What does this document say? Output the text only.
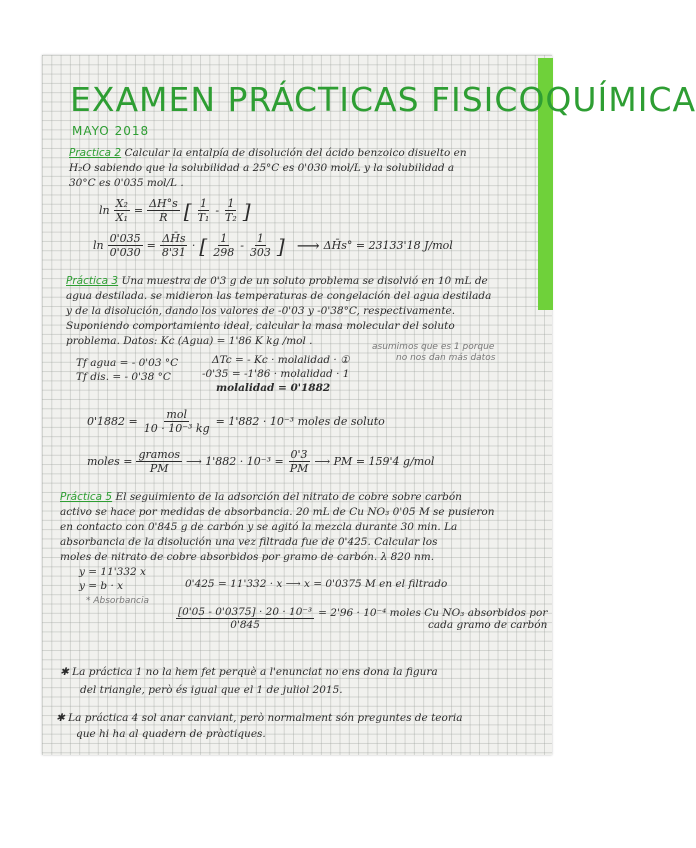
EXAMEN PRÁCTICAS FISICOQUÍMICA
MAYO 2018
Practica 2 Calcular la entalpía de disolución del ácido benzoico disuelto en
H₂O sabiendo que la solubilidad a 25°C es 0'030 mol/L y la solubilidad a
30°C es 0'035 mol/L .
$\ln \frac{\text{X₂}}{\text{X₁}} = \frac{\Delta H^\circ s}{R}$ [ $\frac{1}{\text{T₁}} - \frac{1}{\text{T₂}}$ ]
$\ln \frac{0'035}{0'030} = \frac{\Delta H̄s}{8'31}$ · [ $\frac{1}{298} - \frac{1}{303}$ ] ⟶ ΔH̄s° = 23133'18 J/mol
Práctica 3 Una muestra de 0'3 g de un soluto problema se disolvió en 10 mL de
agua destilada. se midieron las temperaturas de congelación del agua destilada
y de la disolución, dando los valores de -0'03 y -0'38°C, respectivamente.
Suponiendo comportamiento ideal, calcular la masa molecular del soluto
problema. Datos: Kc (Agua) = 1'86 K kg /mol .
Tf agua = - 0'03 °C
Tf dis. = - 0'38 °C
ΔTc = - Kc · molalidad · ①
-0'35 = -1'86 · molalidad · 1
molalidad = 0'1882
asumimos que es 1 porque
no nos dan más datos
$0'1882 = \frac{\text{mol}}{\text{10 · 10⁻³ kg}} = 1'882 \cdot 10^{-3}$ moles de soluto
moles = $\frac{\text{gramos}}{PM}$ ⟶ $1'882 \cdot 10^{-3} = \frac{0'3}{PM}$ ⟶ PM = 159'4 g/mol
Práctica 5 El seguimiento de la adsorción del nitrato de cobre sobre carbón
activo se hace por medidas de absorbancia. 20 mL de Cu NO₃ 0'05 M se pusieron
en contacto con 0'845 g de carbón y se agitó la mezcla durante 30 min. La
absorbancia de la disolución una vez filtrada fue de 0'425. Calcular los
moles de nitrato de cobre absorbidos por gramo de carbón. λ 820 nm.
y = 11'332 x
y = b · x
* Absorbancia
0'425 = 11'332 · x ⟶ x = 0'0375 M en el filtrado
$\frac{\text{[0'05 - 0'0375] · 20 · 10⁻³}}{0'845} = 2'96 \cdot 10^{-4}$ moles Cu NO₃ absorbidos por
cada gramo de carbón
✱ La práctica 1 no la hem fet perquè a l'enunciat no ens dona la figura
del triangle, però és igual que el 1 de juliol 2015.
✱ La práctica 4 sol anar canviant, però normalment són preguntes de teoria
que hi ha al quadern de pràctiques.
